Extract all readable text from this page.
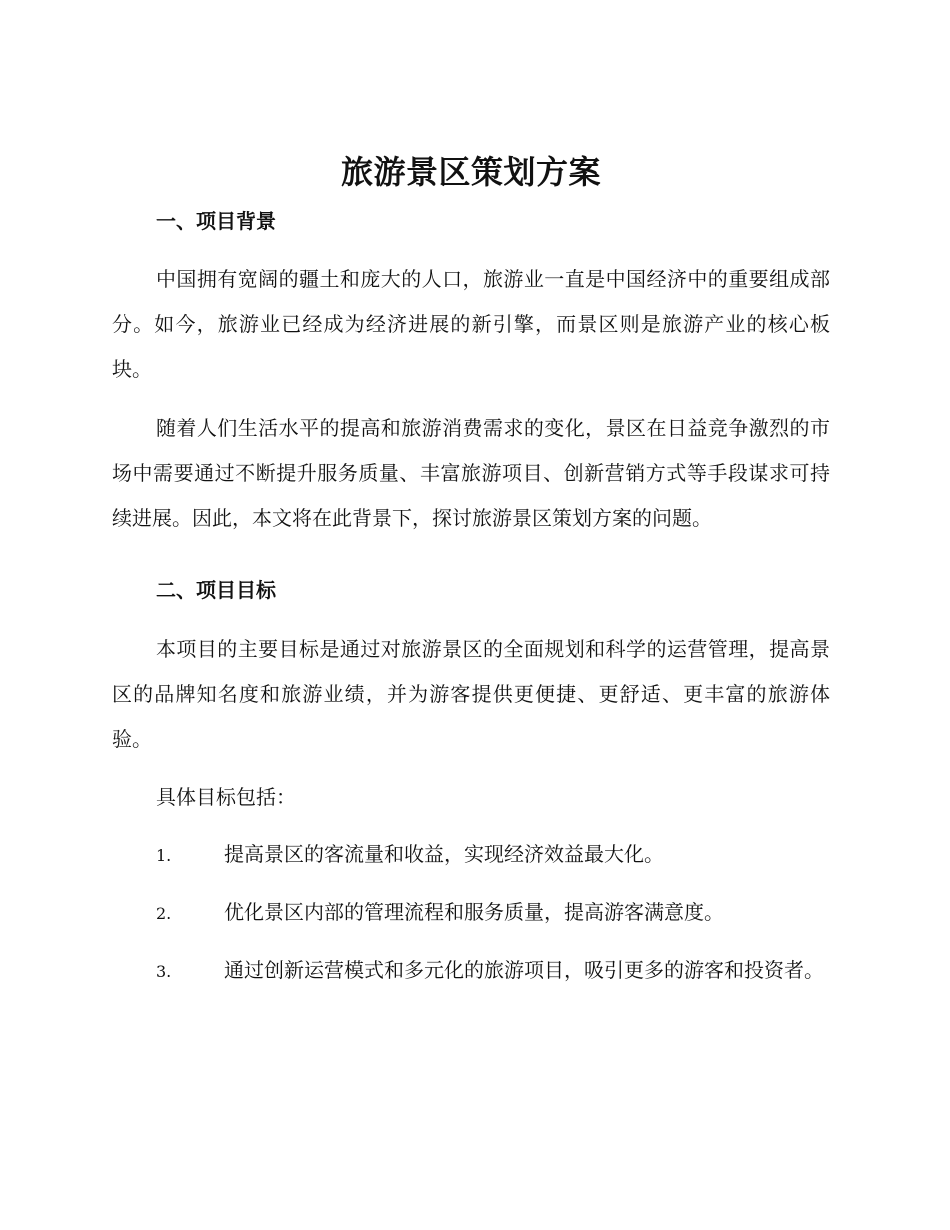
旅游景区策划方案
一、项目背景

中国拥有宽阔的疆土和庞大的人口，旅游业一直是中国经济中的重要组成部分。如今，旅游业已经成为经济进展的新引擎，而景区则是旅游产业的核心板块。

随着人们生活水平的提高和旅游消费需求的变化，景区在日益竞争激烈的市场中需要通过不断提升服务质量、丰富旅游项目、创新营销方式等手段谋求可持续进展。因此，本文将在此背景下，探讨旅游景区策划方案的问题。

二、项目目标

本项目的主要目标是通过对旅游景区的全面规划和科学的运营管理，提高景区的品牌知名度和旅游业绩，并为游客提供更便捷、更舒适、更丰富的旅游体验。

具体目标包括：

1.	提高景区的客流量和收益，实现经济效益最大化。
2.	优化景区内部的管理流程和服务质量，提高游客满意度。
3.	通过创新运营模式和多元化的旅游项目，吸引更多的游客和投资者。
